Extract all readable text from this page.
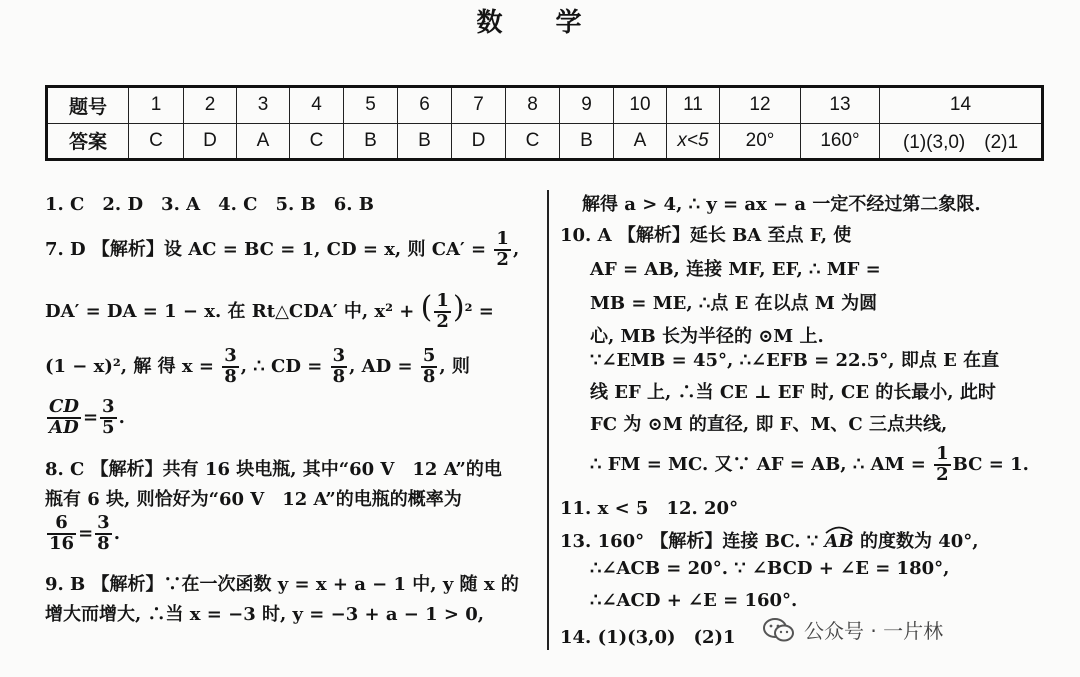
数 学
题号	1	2	3	4	5	6	7	8	9	10	11	12	13	14
答案	C	D	A	C	B	B	D	C	B	A	x<5	20°	160°	(1)(3,0)　(2)1
1. C　2. D　3. A　4. C　5. B　6. B
7. D 【解析】设 AC = BC = 1, CD = x, 则 $CA' = \frac{1}{2}$ ,
DA′ = DA = 1 − x. 在 Rt△CDA′ 中, x² + ( $\frac{1}{2} )^2$ =
(1 − x)², 解 得 $x = \frac{3}{8}$ , ∴ CD = $\frac{3}{8}$ , AD = $\frac{5}{8}$ , 则
$\frac{CD}{AD} = \frac{3}{5}$ .
8. C 【解析】共有 16 块电瓶, 其中“60 V　12 A”的电
瓶有 6 块, 则恰好为“60 V　12 A”的电瓶的概率为
$\frac{6}{16} = \frac{3}{8}$ .
9. B 【解析】∵在一次函数 y = x + a − 1 中, y 随 x 的
增大而增大, ∴当 x = −3 时, y = −3 + a − 1 > 0,
解得 a > 4, ∴ y = ax − a 一定不经过第二象限.
10. A 【解析】延长 BA 至点 F, 使
AF = AB, 连接 MF, EF, ∴ MF =
MB = ME, ∴点 E 在以点 M 为圆
心, MB 长为半径的 ⊙M 上.
∵∠EMB = 45°, ∴∠EFB = 22.5°, 即点 E 在直
线 EF 上, ∴当 CE ⊥ EF 时, CE 的长最小, 此时
FC 为 ⊙M 的直径, 即 F、M、C 三点共线,
∴ FM = MC. 又∵ AF = AB, ∴ AM = $\frac{1}{2}$ BC = 1.
11. x < 5　12. 20°
13. 160° 【解析】连接 BC. ∵
AB 的度数为 40°,
∴∠ACB = 20°. ∵ ∠BCD + ∠E = 180°,
∴∠ACD + ∠E = 160°.
14. (1)(3,0)　(2)1	公众号 · 一片林
